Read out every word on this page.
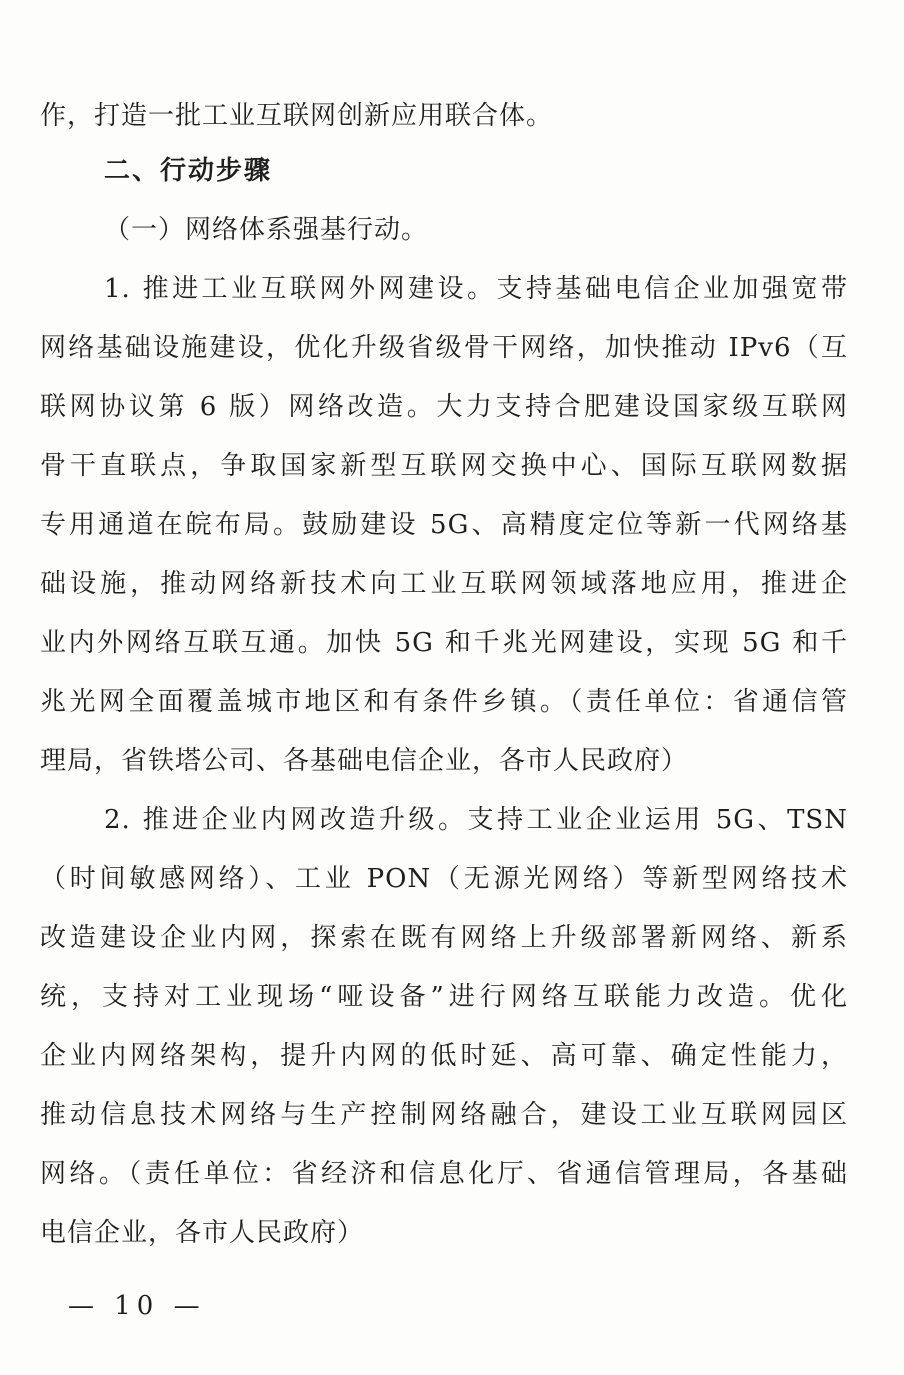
作，打造一批工业互联网创新应用联合体。
二、行动步骤
（一）网络体系强基行动。
1. 推进工业互联网外网建设。支持基础电信企业加强宽带
网络基础设施建设，优化升级省级骨干网络，加快推动 IPv6（互
联网协议第 6 版）网络改造。大力支持合肥建设国家级互联网
骨干直联点，争取国家新型互联网交换中心、国际互联网数据
专用通道在皖布局。鼓励建设 5G、高精度定位等新一代网络基
础设施，推动网络新技术向工业互联网领域落地应用，推进企
业内外网络互联互通。加快 5G 和千兆光网建设，实现 5G 和千
兆光网全面覆盖城市地区和有条件乡镇。（责任单位：省通信管
理局，省铁塔公司、各基础电信企业，各市人民政府）
2. 推进企业内网改造升级。支持工业企业运用 5G、TSN
（时间敏感网络）、工业 PON（无源光网络）等新型网络技术
改造建设企业内网，探索在既有网络上升级部署新网络、新系
统，支持对工业现场“哑设备”进行网络互联能力改造。优化
企业内网络架构，提升内网的低时延、高可靠、确定性能力，
推动信息技术网络与生产控制网络融合，建设工业互联网园区
网络。（责任单位：省经济和信息化厅、省通信管理局，各基础
电信企业，各市人民政府）
— 10 —
